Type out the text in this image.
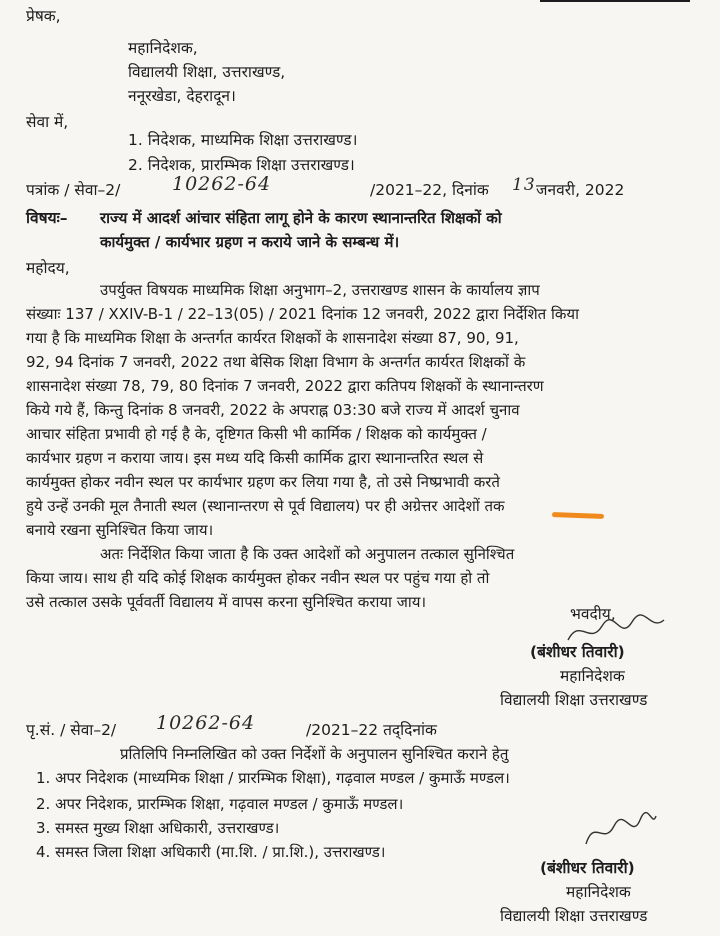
प्रेषक,
महानिदेशक,
विद्यालयी शिक्षा, उत्तराखण्ड,
ननूरखेडा, देहरादून।
सेवा में,
1. निदेशक, माध्यमिक शिक्षा उत्तराखण्ड।
2. निदेशक, प्रारम्भिक शिक्षा उत्तराखण्ड।
पत्रांक / सेवा–2/	10262-64	/2021–22, दिनांक 13 जनवरी, 2022
विषयः– राज्य में आदर्श आंचार संहिता लागू होने के कारण स्थानान्तरित शिक्षकों को
कार्यमुक्त / कार्यभार ग्रहण न कराये जाने के सम्बन्ध में।
महोदय,
उपर्युक्त विषयक माध्यमिक शिक्षा अनुभाग–2, उत्तराखण्ड शासन के कार्यालय ज्ञाप
संख्याः 137 / XXIV-B-1 / 22–13(05) / 2021 दिनांक 12 जनवरी, 2022 द्वारा निर्देशित किया
गया है कि माध्यमिक शिक्षा के अन्तर्गत कार्यरत शिक्षकों के शासनादेश संख्या 87, 90, 91,
92, 94 दिनांक 7 जनवरी, 2022 तथा बेसिक शिक्षा विभाग के अन्तर्गत कार्यरत शिक्षकों के
शासनादेश संख्या 78, 79, 80 दिनांक 7 जनवरी, 2022 द्वारा कतिपय शिक्षकों के स्थानान्तरण
किये गये हैं, किन्तु दिनांक 8 जनवरी, 2022 के अपराह्न 03:30 बजे राज्य में आदर्श चुनाव
आचार संहिता प्रभावी हो गई है के, दृष्टिगत किसी भी कार्मिक / शिक्षक को कार्यमुक्त /
कार्यभार ग्रहण न कराया जाय। इस मध्य यदि किसी कार्मिक द्वारा स्थानान्तरित स्थल से
कार्यमुक्त होकर नवीन स्थल पर कार्यभार ग्रहण कर लिया गया है, तो उसे निष्प्रभावी करते
हुये उन्हें उनकी मूल तैनाती स्थल (स्थानान्तरण से पूर्व विद्यालय) पर ही अग्रेत्तर आदेशों तक
बनाये रखना सुनिश्चित किया जाय।
अतः निर्देशित किया जाता है कि उक्त आदेशों को अनुपालन तत्काल सुनिश्चित
किया जाय। साथ ही यदि कोई शिक्षक कार्यमुक्त होकर नवीन स्थल पर पहुंच गया हो तो
उसे तत्काल उसके पूर्ववर्ती विद्यालय में वापस करना सुनिश्चित कराया जाय।
भवदीय,
(बंशीधर तिवारी)
महानिदेशक
विद्यालयी शिक्षा उत्तराखण्ड
पृ.सं. / सेवा–2/ 10262-64	/2021–22 तद्‌दिनांक
प्रतिलिपि निम्नलिखित को उक्त निर्देशों के अनुपालन सुनिश्चित कराने हेतु
1. अपर निदेशक (माध्यमिक शिक्षा / प्रारम्भिक शिक्षा), गढ़वाल मण्डल / कुमाऊँ मण्डल।
2. अपर निदेशक, प्रारम्भिक शिक्षा, गढ़वाल मण्डल / कुमाऊँ मण्डल।
3. समस्त मुख्य शिक्षा अधिकारी, उत्तराखण्ड।
4. समस्त जिला शिक्षा अधिकारी (मा.शि. / प्रा.शि.), उत्तराखण्ड।
(बंशीधर तिवारी)
महानिदेशक
विद्यालयी शिक्षा उत्तराखण्ड
